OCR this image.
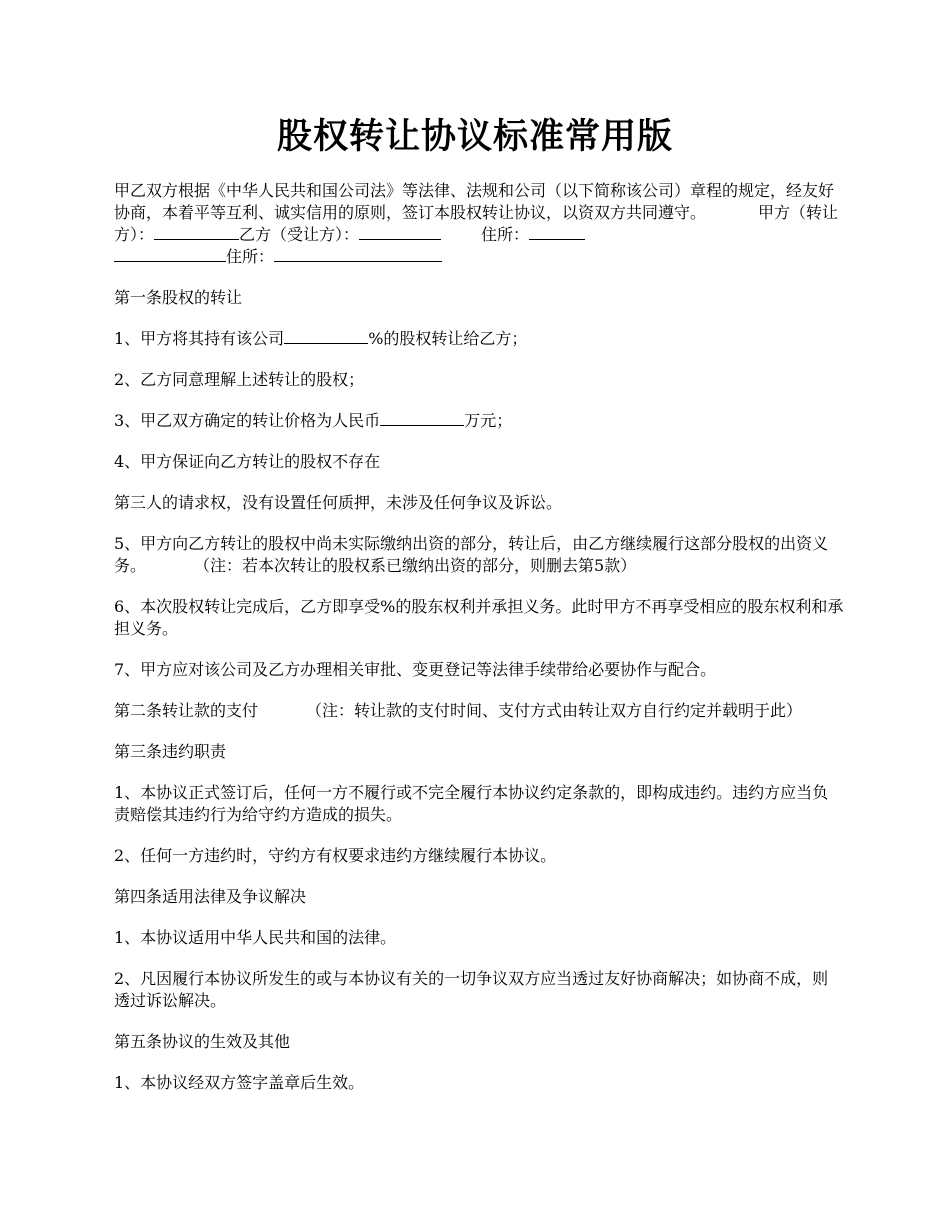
股权转让协议标准常用版

甲乙双方根据《中华人民共和国公司法》等法律、法规和公司（以下简称该公司）章程的规定，经友好协商，本着平等互利、诚实信用的原则，签订本股权转让协议，以资双方共同遵守。	甲方（转让方）：	乙方（受让方）：	住所：
住所：

第一条股权的转让

1、甲方将其持有该公司	%的股权转让给乙方；

2、乙方同意理解上述转让的股权；

3、甲乙双方确定的转让价格为人民币	万元；

4、甲方保证向乙方转让的股权不存在

第三人的请求权，没有设置任何质押，未涉及任何争议及诉讼。

5、甲方向乙方转让的股权中尚未实际缴纳出资的部分，转让后，由乙方继续履行这部分股权的出资义务。	（注：若本次转让的股权系已缴纳出资的部分，则删去第5款）

6、本次股权转让完成后，乙方即享受%的股东权利并承担义务。此时甲方不再享受相应的股东权利和承担义务。

7、甲方应对该公司及乙方办理相关审批、变更登记等法律手续带给必要协作与配合。

第二条转让款的支付	（注：转让款的支付时间、支付方式由转让双方自行约定并载明于此）

第三条违约职责

1、本协议正式签订后，任何一方不履行或不完全履行本协议约定条款的，即构成违约。违约方应当负责赔偿其违约行为给守约方造成的损失。

2、任何一方违约时，守约方有权要求违约方继续履行本协议。

第四条适用法律及争议解决

1、本协议适用中华人民共和国的法律。

2、凡因履行本协议所发生的或与本协议有关的一切争议双方应当透过友好协商解决；如协商不成，则透过诉讼解决。

第五条协议的生效及其他

1、本协议经双方签字盖章后生效。
